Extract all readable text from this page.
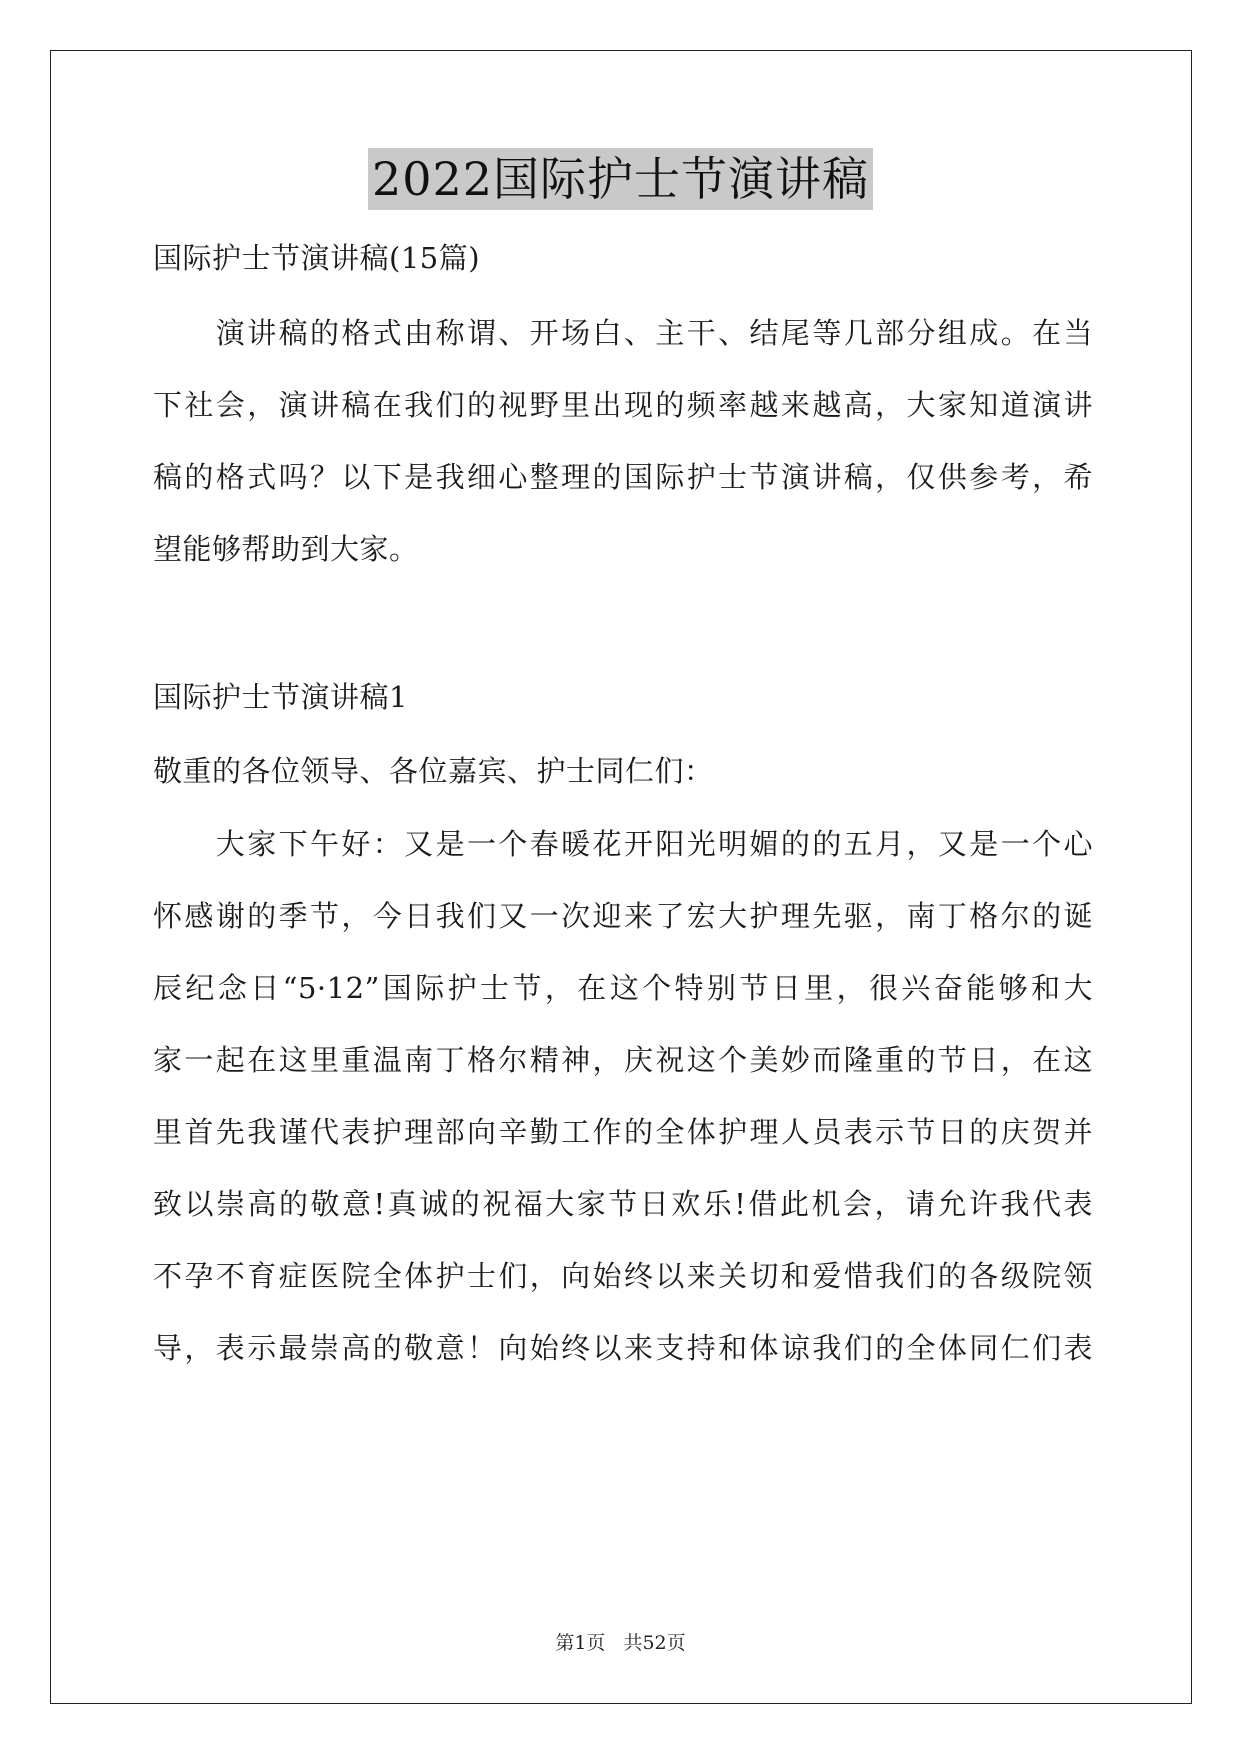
2022国际护士节演讲稿
国际护士节演讲稿(15篇)
　　演讲稿的格式由称谓、开场白、主干、结尾等几部分组成。在当
下社会，演讲稿在我们的视野里出现的频率越来越高，大家知道演讲
稿的格式吗？以下是我细心整理的国际护士节演讲稿，仅供参考，希
望能够帮助到大家。
国际护士节演讲稿1
敬重的各位领导、各位嘉宾、护士同仁们：
　　大家下午好：又是一个春暖花开阳光明媚的的五月，又是一个心
怀感谢的季节，今日我们又一次迎来了宏大护理先驱，南丁格尔的诞
辰纪念日“5·12”国际护士节，在这个特别节日里，很兴奋能够和大
家一起在这里重温南丁格尔精神，庆祝这个美妙而隆重的节日，在这
里首先我谨代表护理部向辛勤工作的全体护理人员表示节日的庆贺并
致以崇高的敬意!真诚的祝福大家节日欢乐!借此机会，请允许我代表
不孕不育症医院全体护士们，向始终以来关切和爱惜我们的各级院领
导，表示最崇高的敬意！向始终以来支持和体谅我们的全体同仁们表
第1页 共52页
